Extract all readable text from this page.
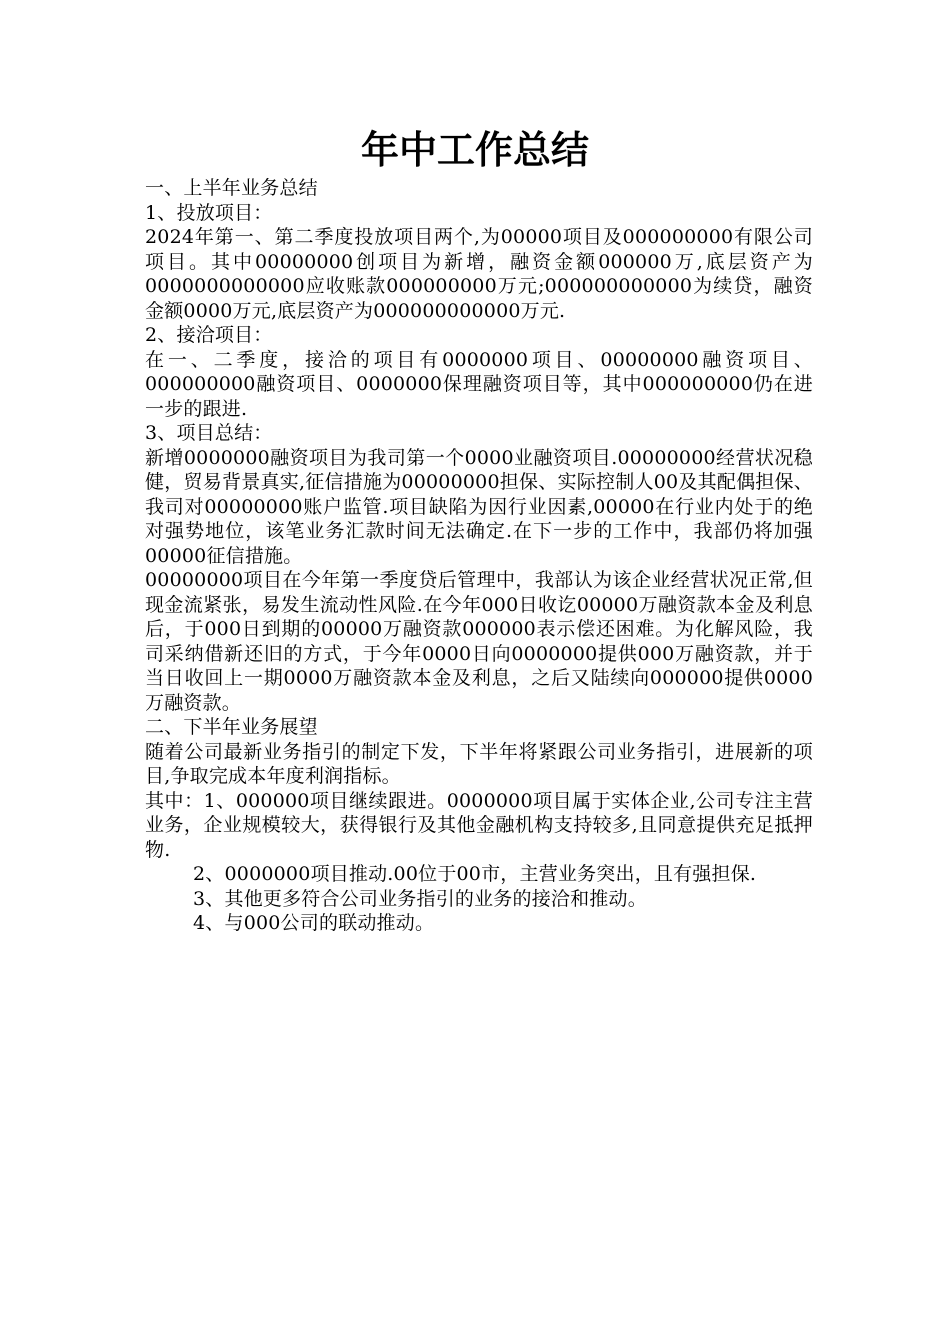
年中工作总结

一、上半年业务总结

1、投放项目：

2024年第一、第二季度投放项目两个,为00000项目及000000000有限公司项目。其中00000000创项目为新增，融资金额000000万,底层资产为0000000000000应收账款000000000万元;000000000000为续贷，融资金额0000万元,底层资产为000000000000万元.

2、接洽项目：

在一、二季度，接洽的项目有0000000项目、00000000融资项目、000000000融资项目、0000000保理融资项目等，其中000000000仍在进一步的跟进.

3、项目总结：

新增0000000融资项目为我司第一个0000业融资项目.00000000经营状况稳健，贸易背景真实,征信措施为00000000担保、实际控制人00及其配偶担保、我司对00000000账户监管.项目缺陷为因行业因素,00000在行业内处于的绝对强势地位，该笔业务汇款时间无法确定.在下一步的工作中，我部仍将加强00000征信措施。

00000000项目在今年第一季度贷后管理中，我部认为该企业经营状况正常,但现金流紧张，易发生流动性风险.在今年000日收讫00000万融资款本金及利息后，于000日到期的00000万融资款000000表示偿还困难。为化解风险，我司采纳借新还旧的方式，于今年0000日向0000000提供000万融资款，并于当日收回上一期0000万融资款本金及利息，之后又陆续向000000提供0000万融资款。

二、下半年业务展望

随着公司最新业务指引的制定下发，下半年将紧跟公司业务指引，进展新的项目,争取完成本年度利润指标。

其中：1、000000项目继续跟进。0000000项目属于实体企业,公司专注主营业务，企业规模较大，获得银行及其他金融机构支持较多,且同意提供充足抵押物.

2、0000000项目推动.00位于00市，主营业务突出，且有强担保.

3、其他更多符合公司业务指引的业务的接洽和推动。

4、与000公司的联动推动。
